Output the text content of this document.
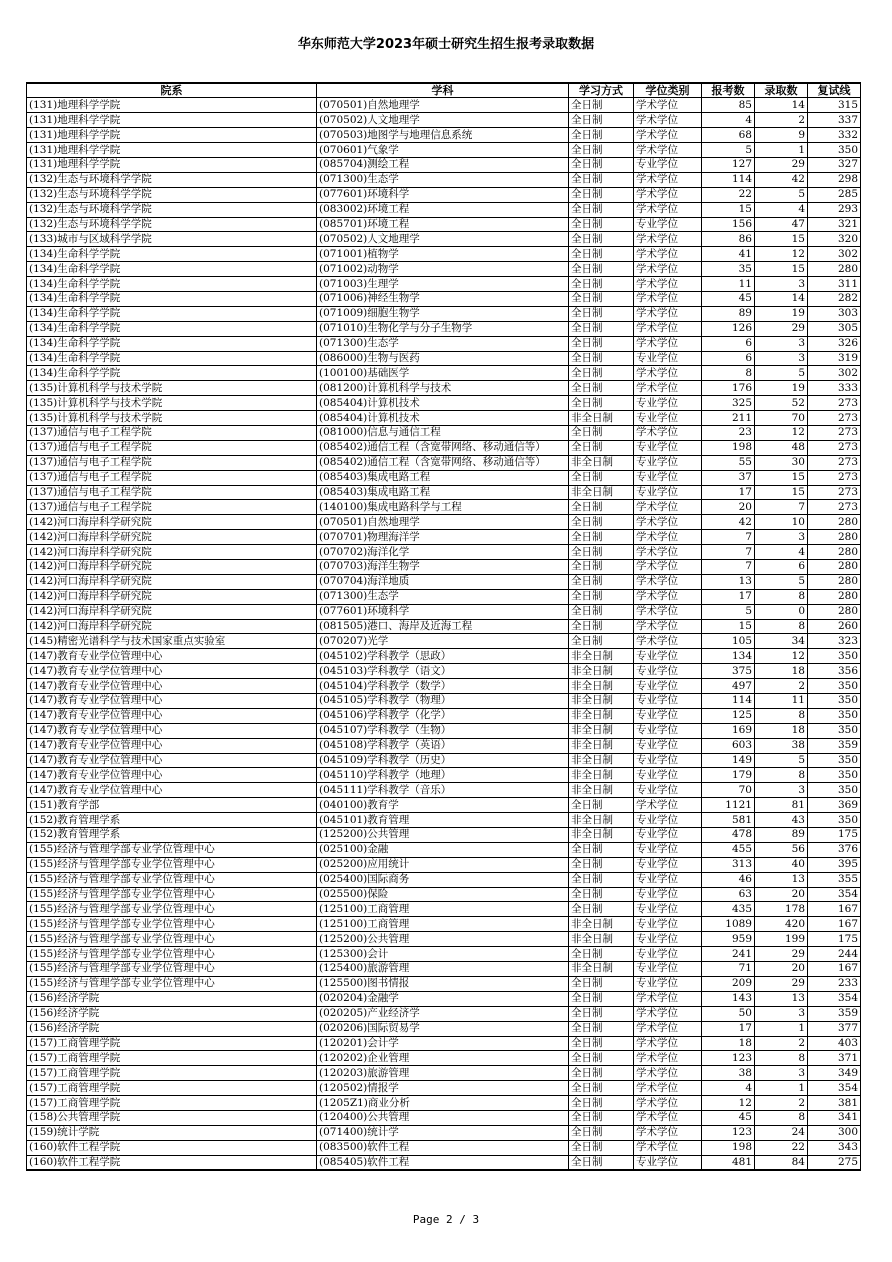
华东师范大学2023年硕士研究生招生报考录取数据
院系	学科	学习方式	学位类别	报考数	录取数	复试线
(131)地理科学学院	(070501)自然地理学	全日制	学术学位	85	14	315
(131)地理科学学院	(070502)人文地理学	全日制	学术学位	4	2	337
(131)地理科学学院	(070503)地图学与地理信息系统	全日制	学术学位	68	9	332
(131)地理科学学院	(070601)气象学	全日制	学术学位	5	1	350
(131)地理科学学院	(085704)测绘工程	全日制	专业学位	127	29	327
(132)生态与环境科学学院	(071300)生态学	全日制	学术学位	114	42	298
(132)生态与环境科学学院	(077601)环境科学	全日制	学术学位	22	5	285
(132)生态与环境科学学院	(083002)环境工程	全日制	学术学位	15	4	293
(132)生态与环境科学学院	(085701)环境工程	全日制	专业学位	156	47	321
(133)城市与区域科学学院	(070502)人文地理学	全日制	学术学位	86	15	320
(134)生命科学学院	(071001)植物学	全日制	学术学位	41	12	302
(134)生命科学学院	(071002)动物学	全日制	学术学位	35	15	280
(134)生命科学学院	(071003)生理学	全日制	学术学位	11	3	311
(134)生命科学学院	(071006)神经生物学	全日制	学术学位	45	14	282
(134)生命科学学院	(071009)细胞生物学	全日制	学术学位	89	19	303
(134)生命科学学院	(071010)生物化学与分子生物学	全日制	学术学位	126	29	305
(134)生命科学学院	(071300)生态学	全日制	学术学位	6	3	326
(134)生命科学学院	(086000)生物与医药	全日制	专业学位	6	3	319
(134)生命科学学院	(100100)基础医学	全日制	学术学位	8	5	302
(135)计算机科学与技术学院	(081200)计算机科学与技术	全日制	学术学位	176	19	333
(135)计算机科学与技术学院	(085404)计算机技术	全日制	专业学位	325	52	273
(135)计算机科学与技术学院	(085404)计算机技术	非全日制	专业学位	211	70	273
(137)通信与电子工程学院	(081000)信息与通信工程	全日制	学术学位	23	12	273
(137)通信与电子工程学院	(085402)通信工程（含宽带网络、移动通信等）	全日制	专业学位	198	48	273
(137)通信与电子工程学院	(085402)通信工程（含宽带网络、移动通信等）	非全日制	专业学位	55	30	273
(137)通信与电子工程学院	(085403)集成电路工程	全日制	专业学位	37	15	273
(137)通信与电子工程学院	(085403)集成电路工程	非全日制	专业学位	17	15	273
(137)通信与电子工程学院	(140100)集成电路科学与工程	全日制	学术学位	20	7	273
(142)河口海岸科学研究院	(070501)自然地理学	全日制	学术学位	42	10	280
(142)河口海岸科学研究院	(070701)物理海洋学	全日制	学术学位	7	3	280
(142)河口海岸科学研究院	(070702)海洋化学	全日制	学术学位	7	4	280
(142)河口海岸科学研究院	(070703)海洋生物学	全日制	学术学位	7	6	280
(142)河口海岸科学研究院	(070704)海洋地质	全日制	学术学位	13	5	280
(142)河口海岸科学研究院	(071300)生态学	全日制	学术学位	17	8	280
(142)河口海岸科学研究院	(077601)环境科学	全日制	学术学位	5	0	280
(142)河口海岸科学研究院	(081505)港口、海岸及近海工程	全日制	学术学位	15	8	260
(145)精密光谱科学与技术国家重点实验室	(070207)光学	全日制	学术学位	105	34	323
(147)教育专业学位管理中心	(045102)学科教学（思政）	非全日制	专业学位	134	12	350
(147)教育专业学位管理中心	(045103)学科教学（语文）	非全日制	专业学位	375	18	356
(147)教育专业学位管理中心	(045104)学科教学（数学）	非全日制	专业学位	497	2	350
(147)教育专业学位管理中心	(045105)学科教学（物理）	非全日制	专业学位	114	11	350
(147)教育专业学位管理中心	(045106)学科教学（化学）	非全日制	专业学位	125	8	350
(147)教育专业学位管理中心	(045107)学科教学（生物）	非全日制	专业学位	169	18	350
(147)教育专业学位管理中心	(045108)学科教学（英语）	非全日制	专业学位	603	38	359
(147)教育专业学位管理中心	(045109)学科教学（历史）	非全日制	专业学位	149	5	350
(147)教育专业学位管理中心	(045110)学科教学（地理）	非全日制	专业学位	179	8	350
(147)教育专业学位管理中心	(045111)学科教学（音乐）	非全日制	专业学位	70	3	350
(151)教育学部	(040100)教育学	全日制	学术学位	1121	81	369
(152)教育管理学系	(045101)教育管理	非全日制	专业学位	581	43	350
(152)教育管理学系	(125200)公共管理	非全日制	专业学位	478	89	175
(155)经济与管理学部专业学位管理中心	(025100)金融	全日制	专业学位	455	56	376
(155)经济与管理学部专业学位管理中心	(025200)应用统计	全日制	专业学位	313	40	395
(155)经济与管理学部专业学位管理中心	(025400)国际商务	全日制	专业学位	46	13	355
(155)经济与管理学部专业学位管理中心	(025500)保险	全日制	专业学位	63	20	354
(155)经济与管理学部专业学位管理中心	(125100)工商管理	全日制	专业学位	435	178	167
(155)经济与管理学部专业学位管理中心	(125100)工商管理	非全日制	专业学位	1089	420	167
(155)经济与管理学部专业学位管理中心	(125200)公共管理	非全日制	专业学位	959	199	175
(155)经济与管理学部专业学位管理中心	(125300)会计	全日制	专业学位	241	29	244
(155)经济与管理学部专业学位管理中心	(125400)旅游管理	非全日制	专业学位	71	20	167
(155)经济与管理学部专业学位管理中心	(125500)图书情报	全日制	专业学位	209	29	233
(156)经济学院	(020204)金融学	全日制	学术学位	143	13	354
(156)经济学院	(020205)产业经济学	全日制	学术学位	50	3	359
(156)经济学院	(020206)国际贸易学	全日制	学术学位	17	1	377
(157)工商管理学院	(120201)会计学	全日制	学术学位	18	2	403
(157)工商管理学院	(120202)企业管理	全日制	学术学位	123	8	371
(157)工商管理学院	(120203)旅游管理	全日制	学术学位	38	3	349
(157)工商管理学院	(120502)情报学	全日制	学术学位	4	1	354
(157)工商管理学院	(1205Z1)商业分析	全日制	学术学位	12	2	381
(158)公共管理学院	(120400)公共管理	全日制	学术学位	45	8	341
(159)统计学院	(071400)统计学	全日制	学术学位	123	24	300
(160)软件工程学院	(083500)软件工程	全日制	学术学位	198	22	343
(160)软件工程学院	(085405)软件工程	全日制	专业学位	481	84	275
Page 2 / 3
